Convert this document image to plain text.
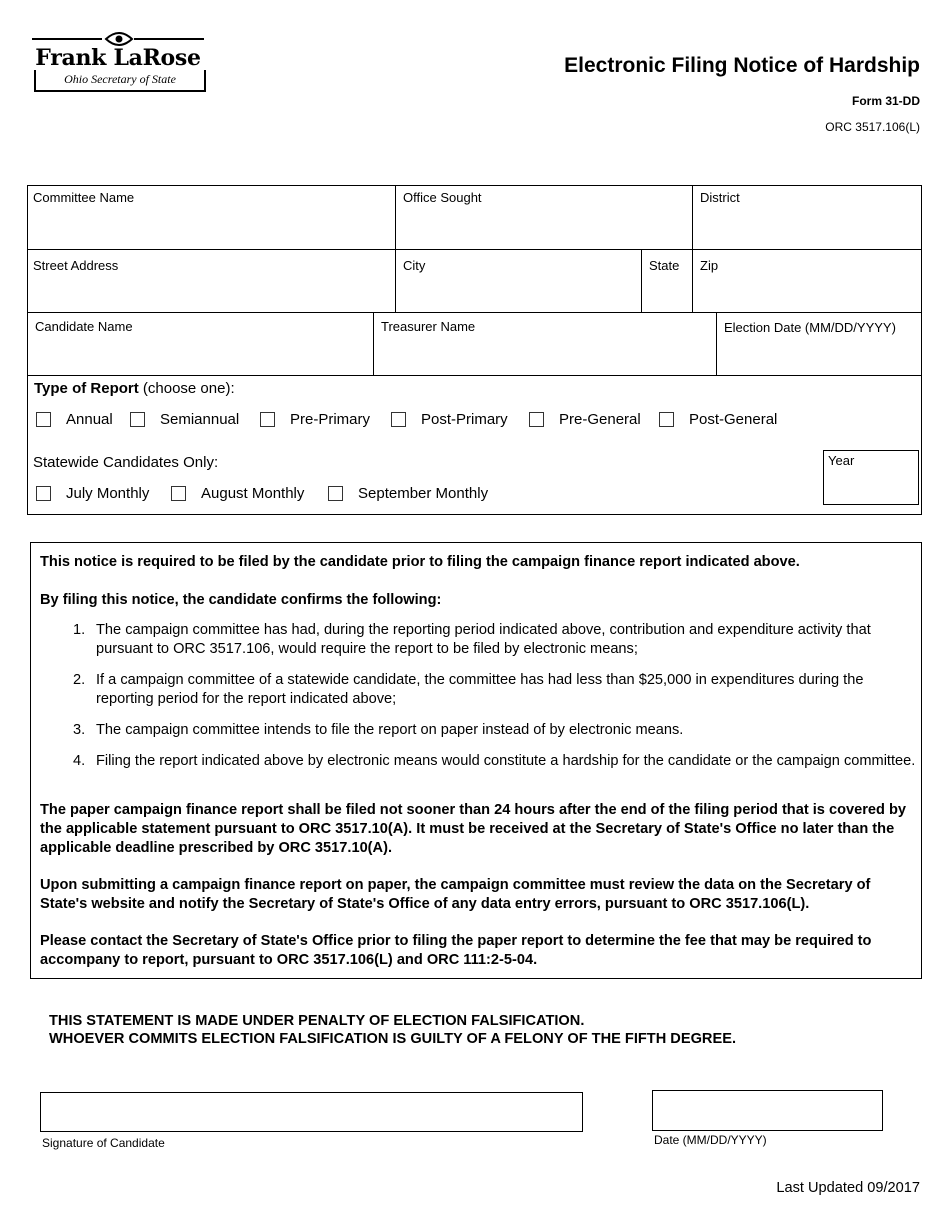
Frank LaRose
Ohio Secretary of State
Electronic Filing Notice of Hardship
Form 31-DD
ORC 3517.106(L)
Committee Name	Office Sought	District
Street Address	City	State Zip
Candidate Name	Treasurer Name	Election Date (MM/DD/YYYY)
Type of Report (choose one):
Annual	Semiannual	Pre-Primary	Post-Primary	Pre-General	Post-General
Statewide Candidates Only:
July Monthly	August Monthly	September Monthly
Year
This notice is required to be filed by the candidate prior to filing the campaign finance report indicated above.
By filing this notice, the candidate confirms the following:
1. The campaign committee has had, during the reporting period indicated above, contribution and expenditure activity that pursuant to ORC 3517.106, would require the report to be filed by electronic means;
2. If a campaign committee of a statewide candidate, the committee has had less than $25,000 in expenditures during the reporting period for the report indicated above;
3. The campaign committee intends to file the report on paper instead of by electronic means.
4. Filing the report indicated above by electronic means would constitute a hardship for the candidate or the campaign committee.
The paper campaign finance report shall be filed not sooner than 24 hours after the end of the filing period that is covered by the applicable statement pursuant to ORC 3517.10(A). It must be received at the Secretary of State's Office no later than the applicable deadline prescribed by ORC 3517.10(A).
Upon submitting a campaign finance report on paper, the campaign committee must review the data on the Secretary of State's website and notify the Secretary of State's Office of any data entry errors, pursuant to ORC 3517.106(L).
Please contact the Secretary of State's Office prior to filing the paper report to determine the fee that may be required to accompany to report, pursuant to ORC 3517.106(L) and ORC 111:2-5-04.
THIS STATEMENT IS MADE UNDER PENALTY OF ELECTION FALSIFICATION.
WHOEVER COMMITS ELECTION FALSIFICATION IS GUILTY OF A FELONY OF THE FIFTH DEGREE.
Signature of Candidate	Date (MM/DD/YYYY)
Last Updated 09/2017
